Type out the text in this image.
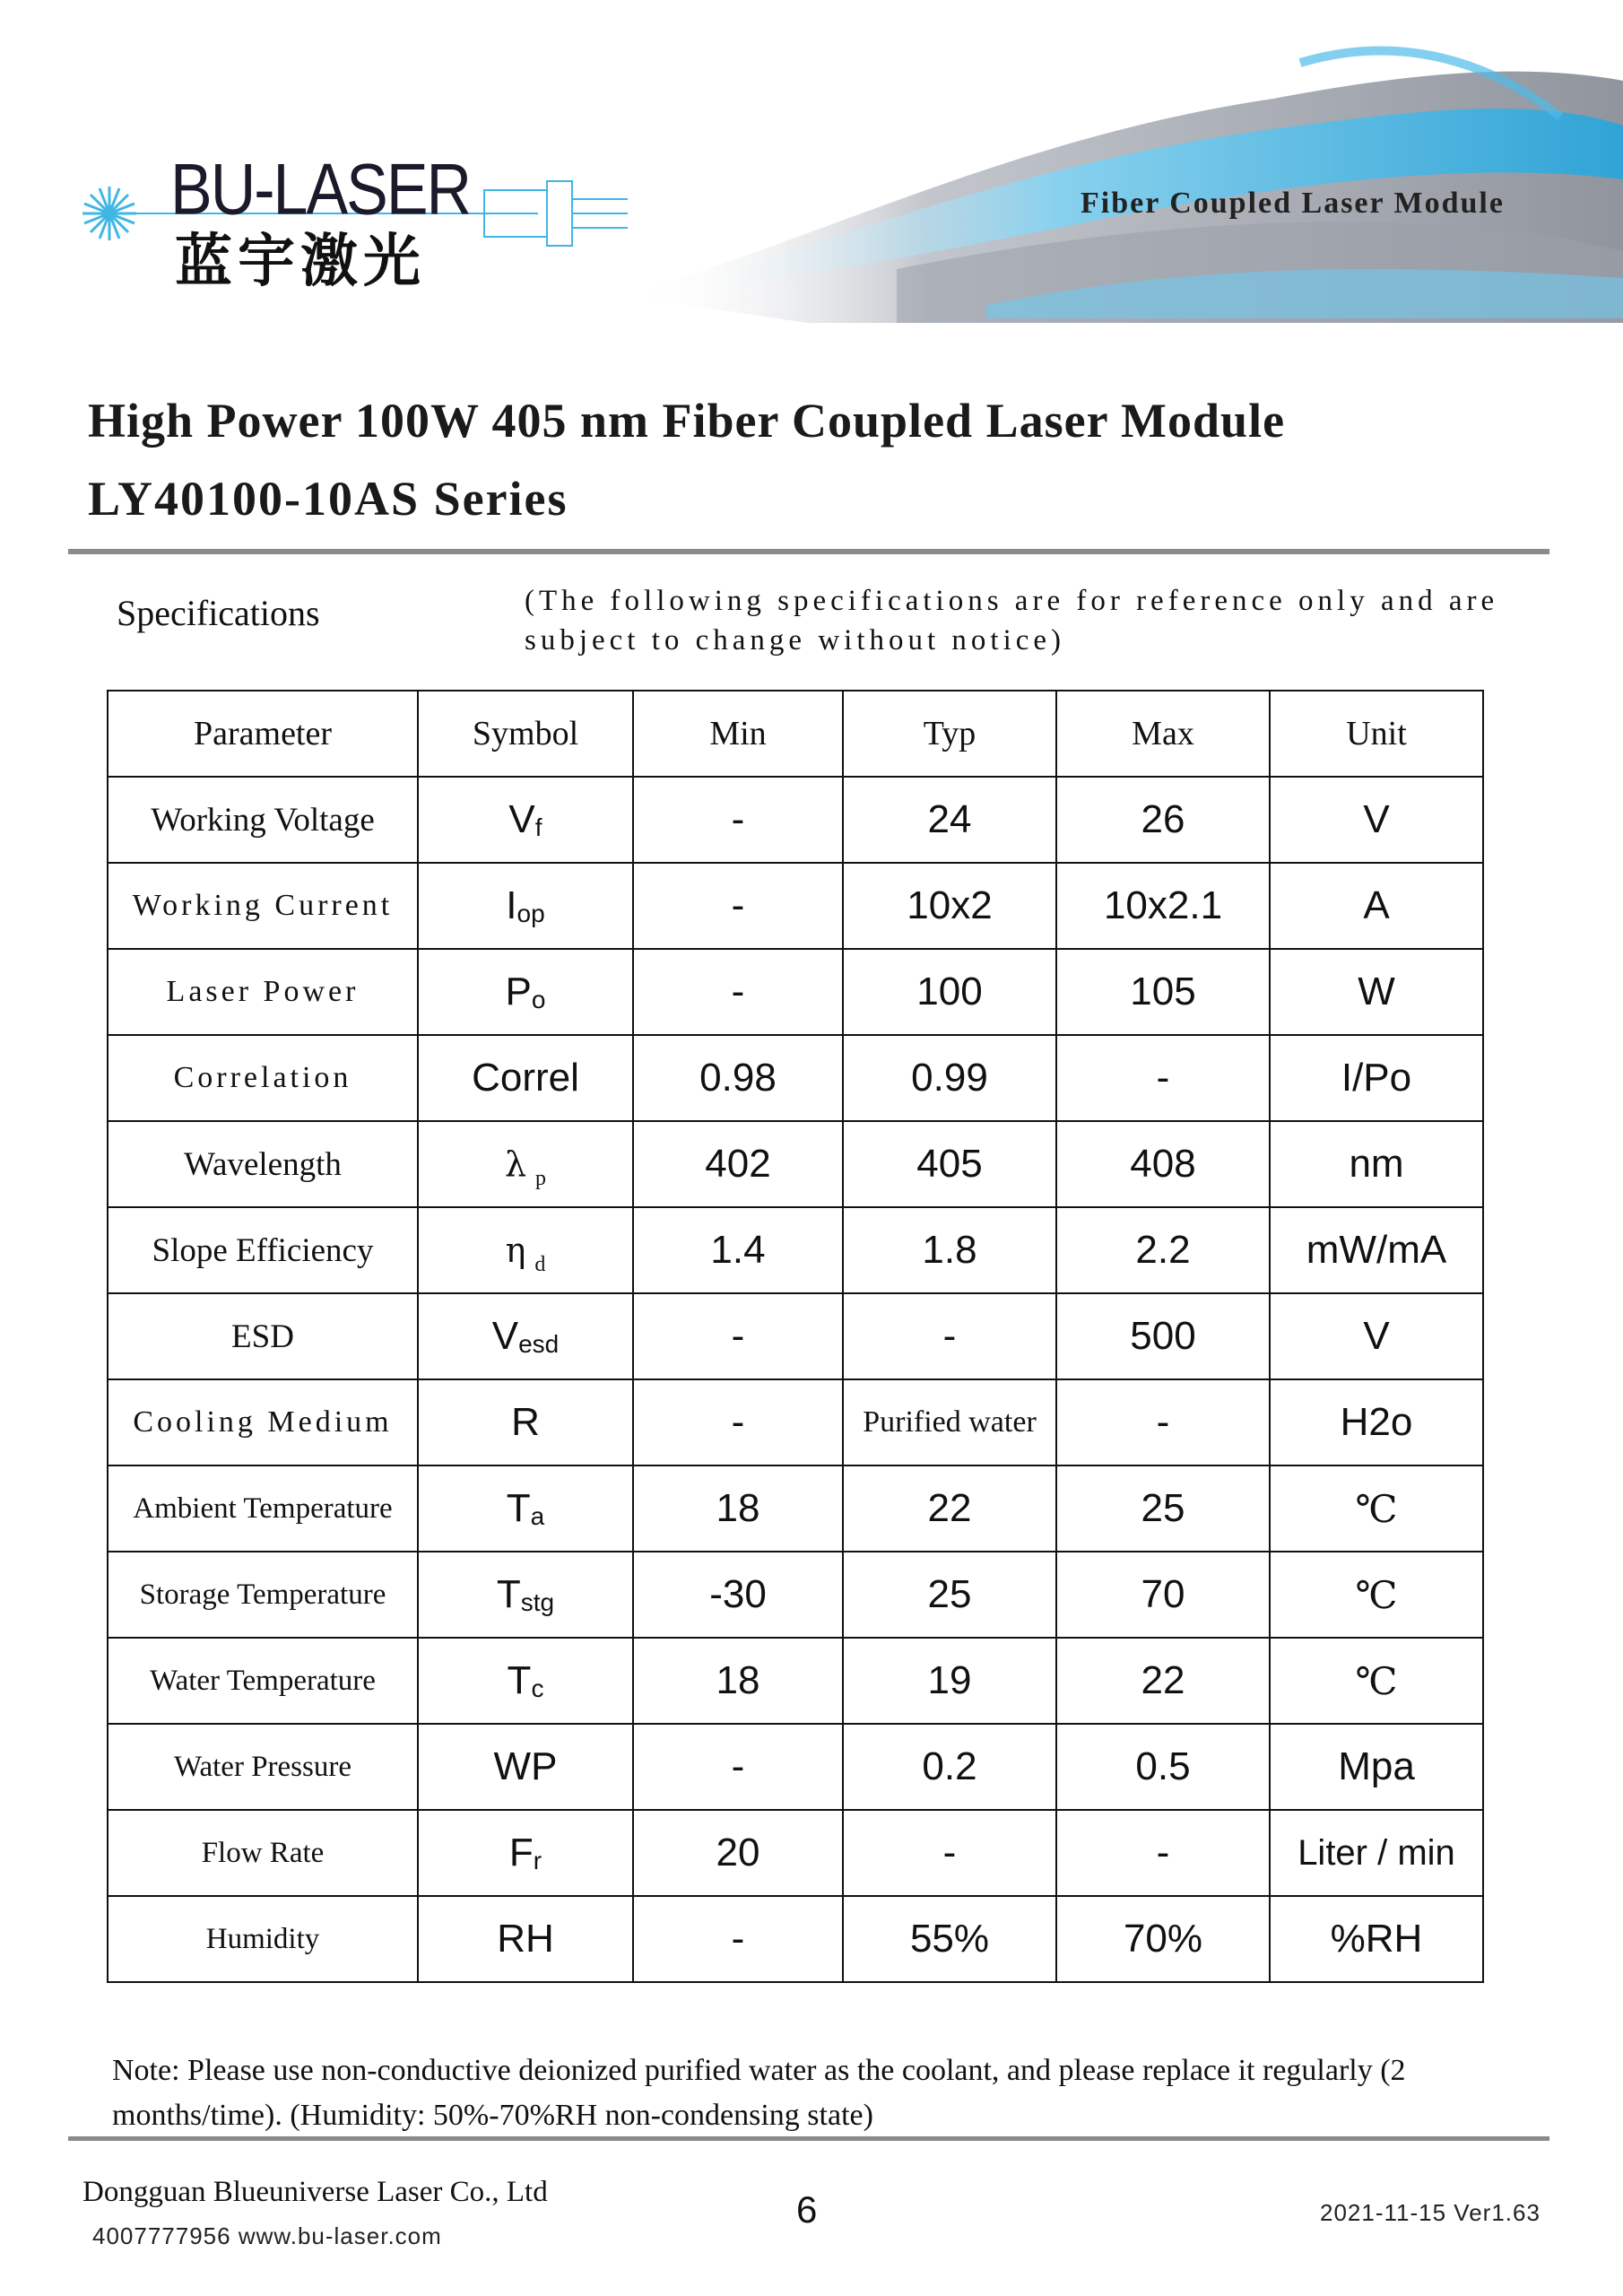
BU-LASER
蓝宇激光
Fiber Coupled Laser Module
High Power 100W 405 nm Fiber Coupled Laser Module
LY40100-10AS Series
Specifications	(The following specifications are for reference only and are subject to change without notice)
Parameter	Symbol	Min	Typ	Max	Unit
Working Voltage	Vf	-	24	26	V
Working Current	Iop	-	10x2	10x2.1	A
Laser Power	Po	-	100	105	W
Correlation	Correl	0.98	0.99	-	I/Po
Wavelength	λ $_p$	402	405	408	nm
Slope Efficiency	η $_d$	1.4	1.8	2.2	mW/mA
ESD	Vesd	-	-	500	V
Cooling Medium	R	-	Purified water	-	H2o
Ambient Temperature	Ta	18	22	25	℃
Storage Temperature	Tstg	-30	25	70	℃
Water Temperature	Tc	18	19	22	℃
Water Pressure	WP	-	0.2	0.5	Mpa
Flow Rate	Fr	20	-	-	Liter / min
Humidity	RH	-	55%	70%	%RH
Note: Please use non-conductive deionized purified water as the coolant, and please replace it regularly (2 months/time). (Humidity: 50%-70%RH non-condensing state)
Dongguan Blueuniverse Laser Co., Ltd
4007777956 www.bu-laser.com
6	2021-11-15 Ver1.63
